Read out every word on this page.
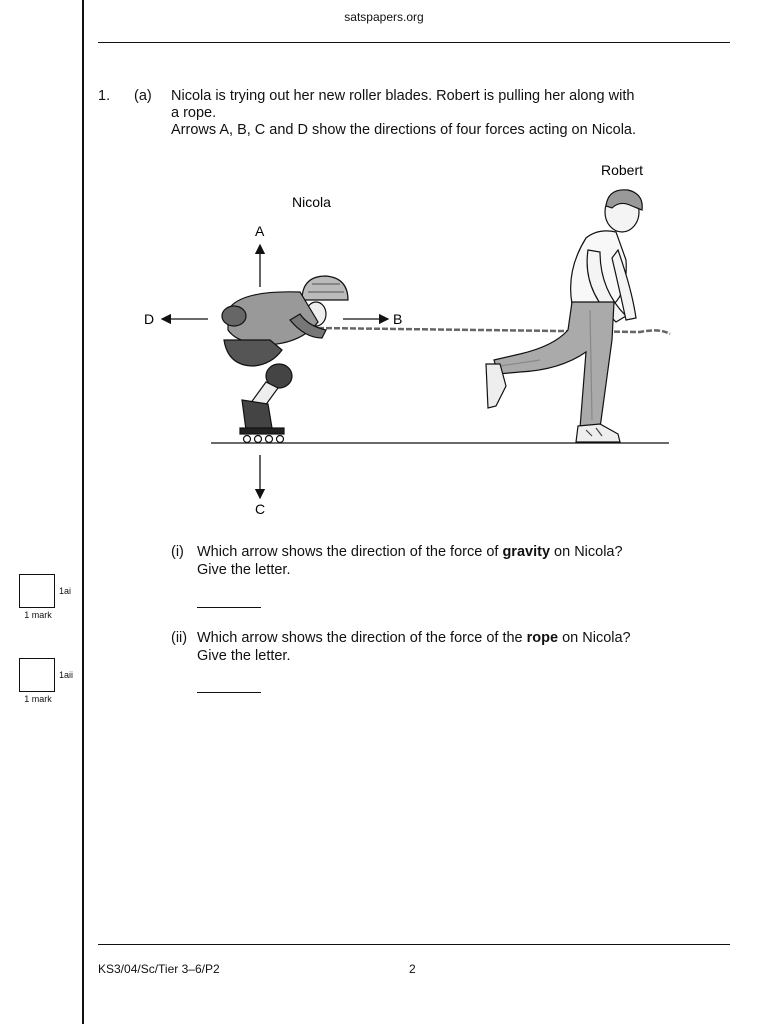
satspapers.org
1. (a) Nicola is trying out her new roller blades. Robert is pulling her along with
a rope.
Arrows A, B, C and D show the directions of four forces acting on Nicola.
Robert
Nicola
A
D	B
C
(i) Which arrow shows the direction of the force of gravity on Nicola?
Give the letter.
(ii) Which arrow shows the direction of the force of the rope on Nicola?
Give the letter.
1ai
1 mark
1aii
1 mark
KS3/04/Sc/Tier 3–6/P2	2
